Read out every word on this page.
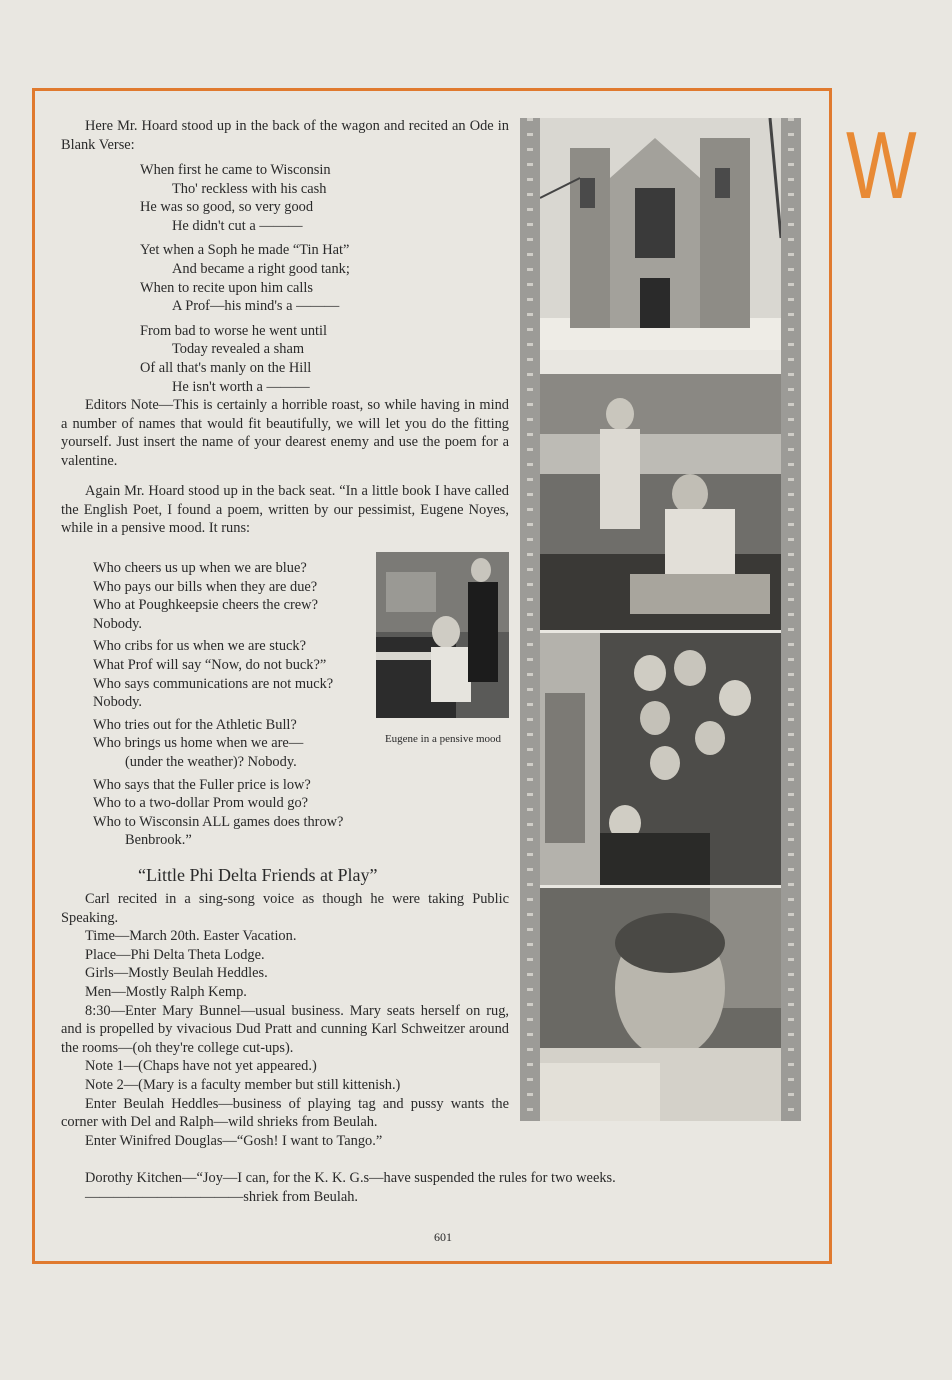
W

Here Mr. Hoard stood up in the back of the wagon and recited an Ode in Blank Verse:

When first he came to Wisconsin
Tho' reckless with his cash
He was so good, so very good
He didn't cut a ———
Yet when a Soph he made “Tin Hat”
And became a right good tank;
When to recite upon him calls
A Prof—his mind's a ———
From bad to worse he went until
Today revealed a sham
Of all that's manly on the Hill
He isn't worth a ———

Editors Note—This is certainly a horrible roast, so while having in mind a number of names that would fit beautifully, we will let you do the fitting yourself. Just insert the name of your dearest enemy and use the poem for a valentine.

Again Mr. Hoard stood up in the back seat. “In a little book I have called the English Poet, I found a poem, written by our pessimist, Eugene Noyes, while in a pensive mood. It runs:

Who cheers us up when we are blue?
Who pays our bills when they are due?
Who at Poughkeepsie cheers the crew?
Nobody.
Who cribs for us when we are stuck?
What Prof will say “Now, do not buck?”
Who says communications are not muck?
Nobody.
Who tries out for the Athletic Bull?
Who brings us home when we are—
(under the weather)? Nobody.
Who says that the Fuller price is low?
Who to a two-dollar Prom would go?
Who to Wisconsin ALL games does throw?
Benbrook.”
Eugene in a pensive mood
“Little Phi Delta Friends at Play”

Carl recited in a sing-song voice as though he were taking Public Speaking.

Time—March 20th. Easter Vacation.
Place—Phi Delta Theta Lodge.
Girls—Mostly Beulah Heddles.
Men—Mostly Ralph Kemp.

8:30—Enter Mary Bunnel—usual business. Mary seats herself on rug, and is propelled by vivacious Dud Pratt and cunning Karl Schweitzer around the rooms—(oh they're college cut-ups).

Note 1—(Chaps have not yet appeared.)

Note 2—(Mary is a faculty member but still kittenish.)

Enter Beulah Heddles—business of playing tag and pussy wants the corner with Del and Ralph—wild shrieks from Beulah.

Enter Winifred Douglas—“Gosh! I want to Tango.”

Dorothy Kitchen—“Joy—I can, for the K. K. G.s—have suspended the rules for two weeks.

———————————shriek from Beulah.

601
